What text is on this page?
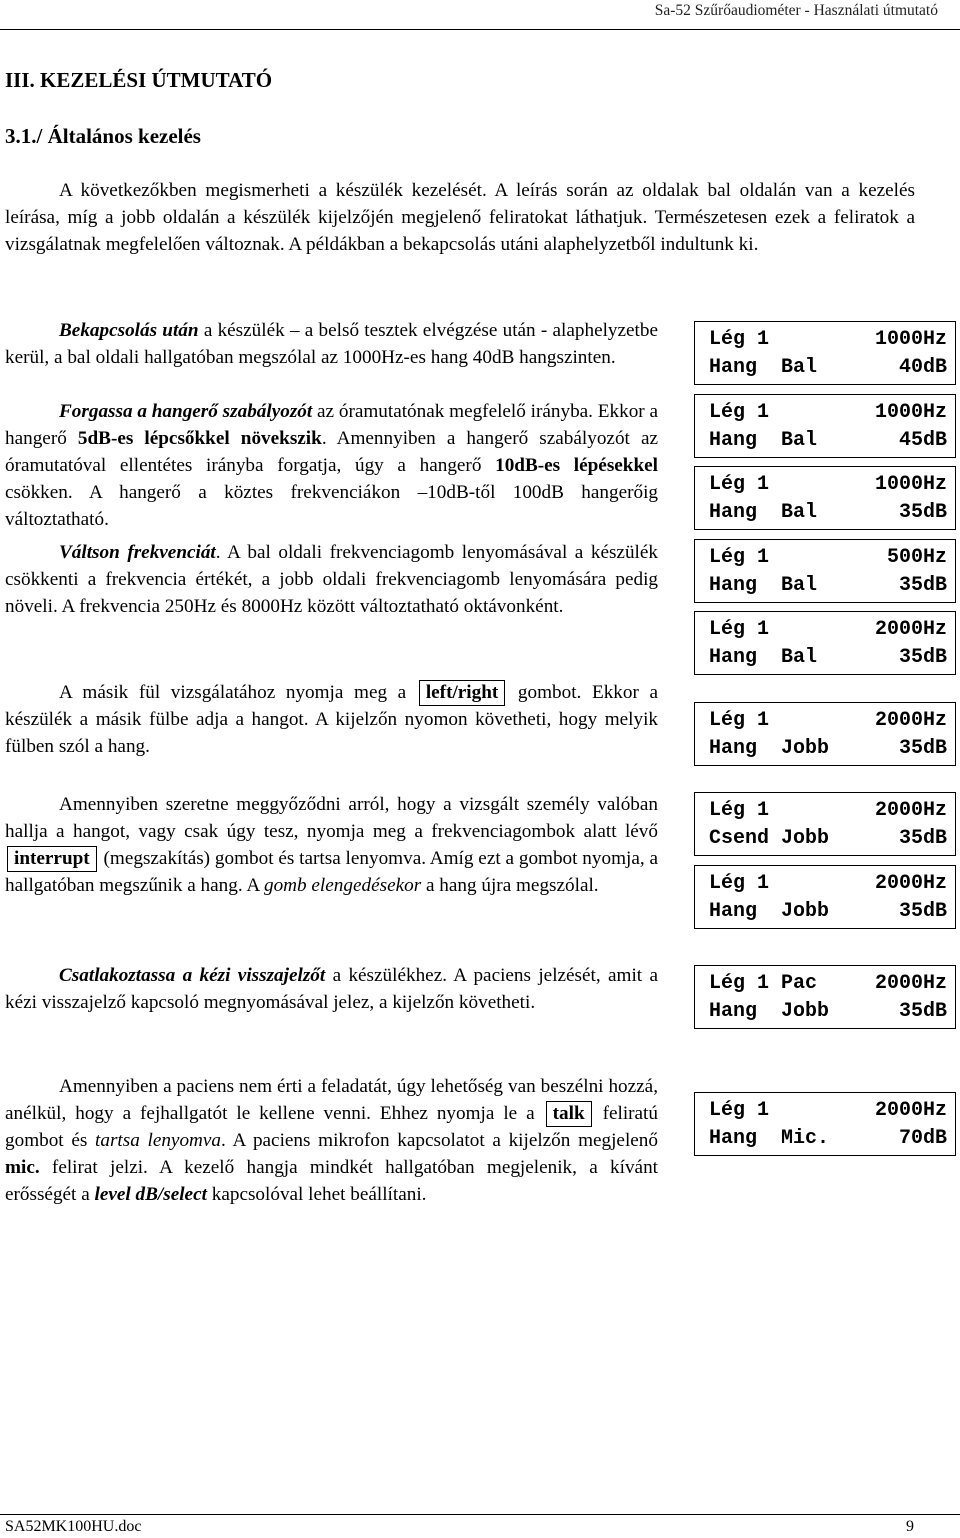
Sa-52 Szűrőaudiométer - Használati útmutató
III. KEZELÉSI ÚTMUTATÓ
3.1./ Általános kezelés

A következőkben megismerheti a készülék kezelését. A leírás során az oldalak bal oldalán van a kezelés leírása, míg a jobb oldalán a készülék kijelzőjén megjelenő feliratokat láthatjuk. Természetesen ezek a feliratok a vizsgálatnak megfelelően változnak. A példákban a bekapcsolás utáni alaphelyzetből indultunk ki.

Bekapcsolás után a készülék – a belső tesztek elvégzése után - alaphelyzetbe kerül, a bal oldali hallgatóban megszólal az 1000Hz-es hang 40dB hangszinten.

Forgassa a hangerő szabályozót az óramutatónak megfelelő irányba. Ekkor a hangerő 5dB-es lépcsőkkel növekszik. Amennyiben a hangerő szabályozót az óramutatóval ellentétes irányba forgatja, úgy a hangerő 10dB-es lépésekkel csökken. A hangerő a köztes frekvenciákon –10dB-től 100dB hangerőig változtatható.

Váltson frekvenciát. A bal oldali frekvenciagomb lenyomásával a készülék csökkenti a frekvencia értékét, a jobb oldali frekvenciagomb lenyomására pedig növeli. A frekvencia 250Hz és 8000Hz között változtatható oktávonként.

A másik fül vizsgálatához nyomja meg a left/right gombot. Ekkor a készülék a másik fülbe adja a hangot. A kijelzőn nyomon követheti, hogy melyik fülben szól a hang.

Amennyiben szeretne meggyőződni arról, hogy a vizsgált személy valóban hallja a hangot, vagy csak úgy tesz, nyomja meg a frekvenciagombok alatt lévő interrupt (megszakítás) gombot és tartsa lenyomva. Amíg ezt a gombot nyomja, a hallgatóban megszűnik a hang. A gomb elengedésekor a hang újra megszólal.

Csatlakoztassa a kézi visszajelzőt a készülékhez. A paciens jelzését, amit a kézi visszajelző kapcsoló megnyomásával jelez, a kijelzőn követheti.

Amennyiben a paciens nem érti a feladatát, úgy lehetőség van beszélni hozzá, anélkül, hogy a fejhallgatót le kellene venni. Ehhez nyomja le a talk feliratú gombot és tartsa lenyomva. A paciens mikrofon kapcsolatot a kijelzőn megjelenő mic. felirat jelzi. A kezelő hangja mindkét hallgatóban megjelenik, a kívánt erősségét a level dB/select kapcsolóval lehet beállítani.

Lég 1	1000Hz
Hang  Bal	40dB
Lég 1	1000Hz
Hang  Bal	45dB
Lég 1	1000Hz
Hang  Bal	35dB
Lég 1	500Hz
Hang  Bal	35dB
Lég 1	2000Hz
Hang  Bal	35dB
Lég 1	2000Hz
Hang  Jobb	35dB
Lég 1	2000Hz
Csend Jobb	35dB
Lég 1	2000Hz
Hang  Jobb	35dB
Lég 1 Pac	2000Hz
Hang  Jobb	35dB
Lég 1	2000Hz
Hang  Mic.	70dB
SA52MK100HU.doc	9
